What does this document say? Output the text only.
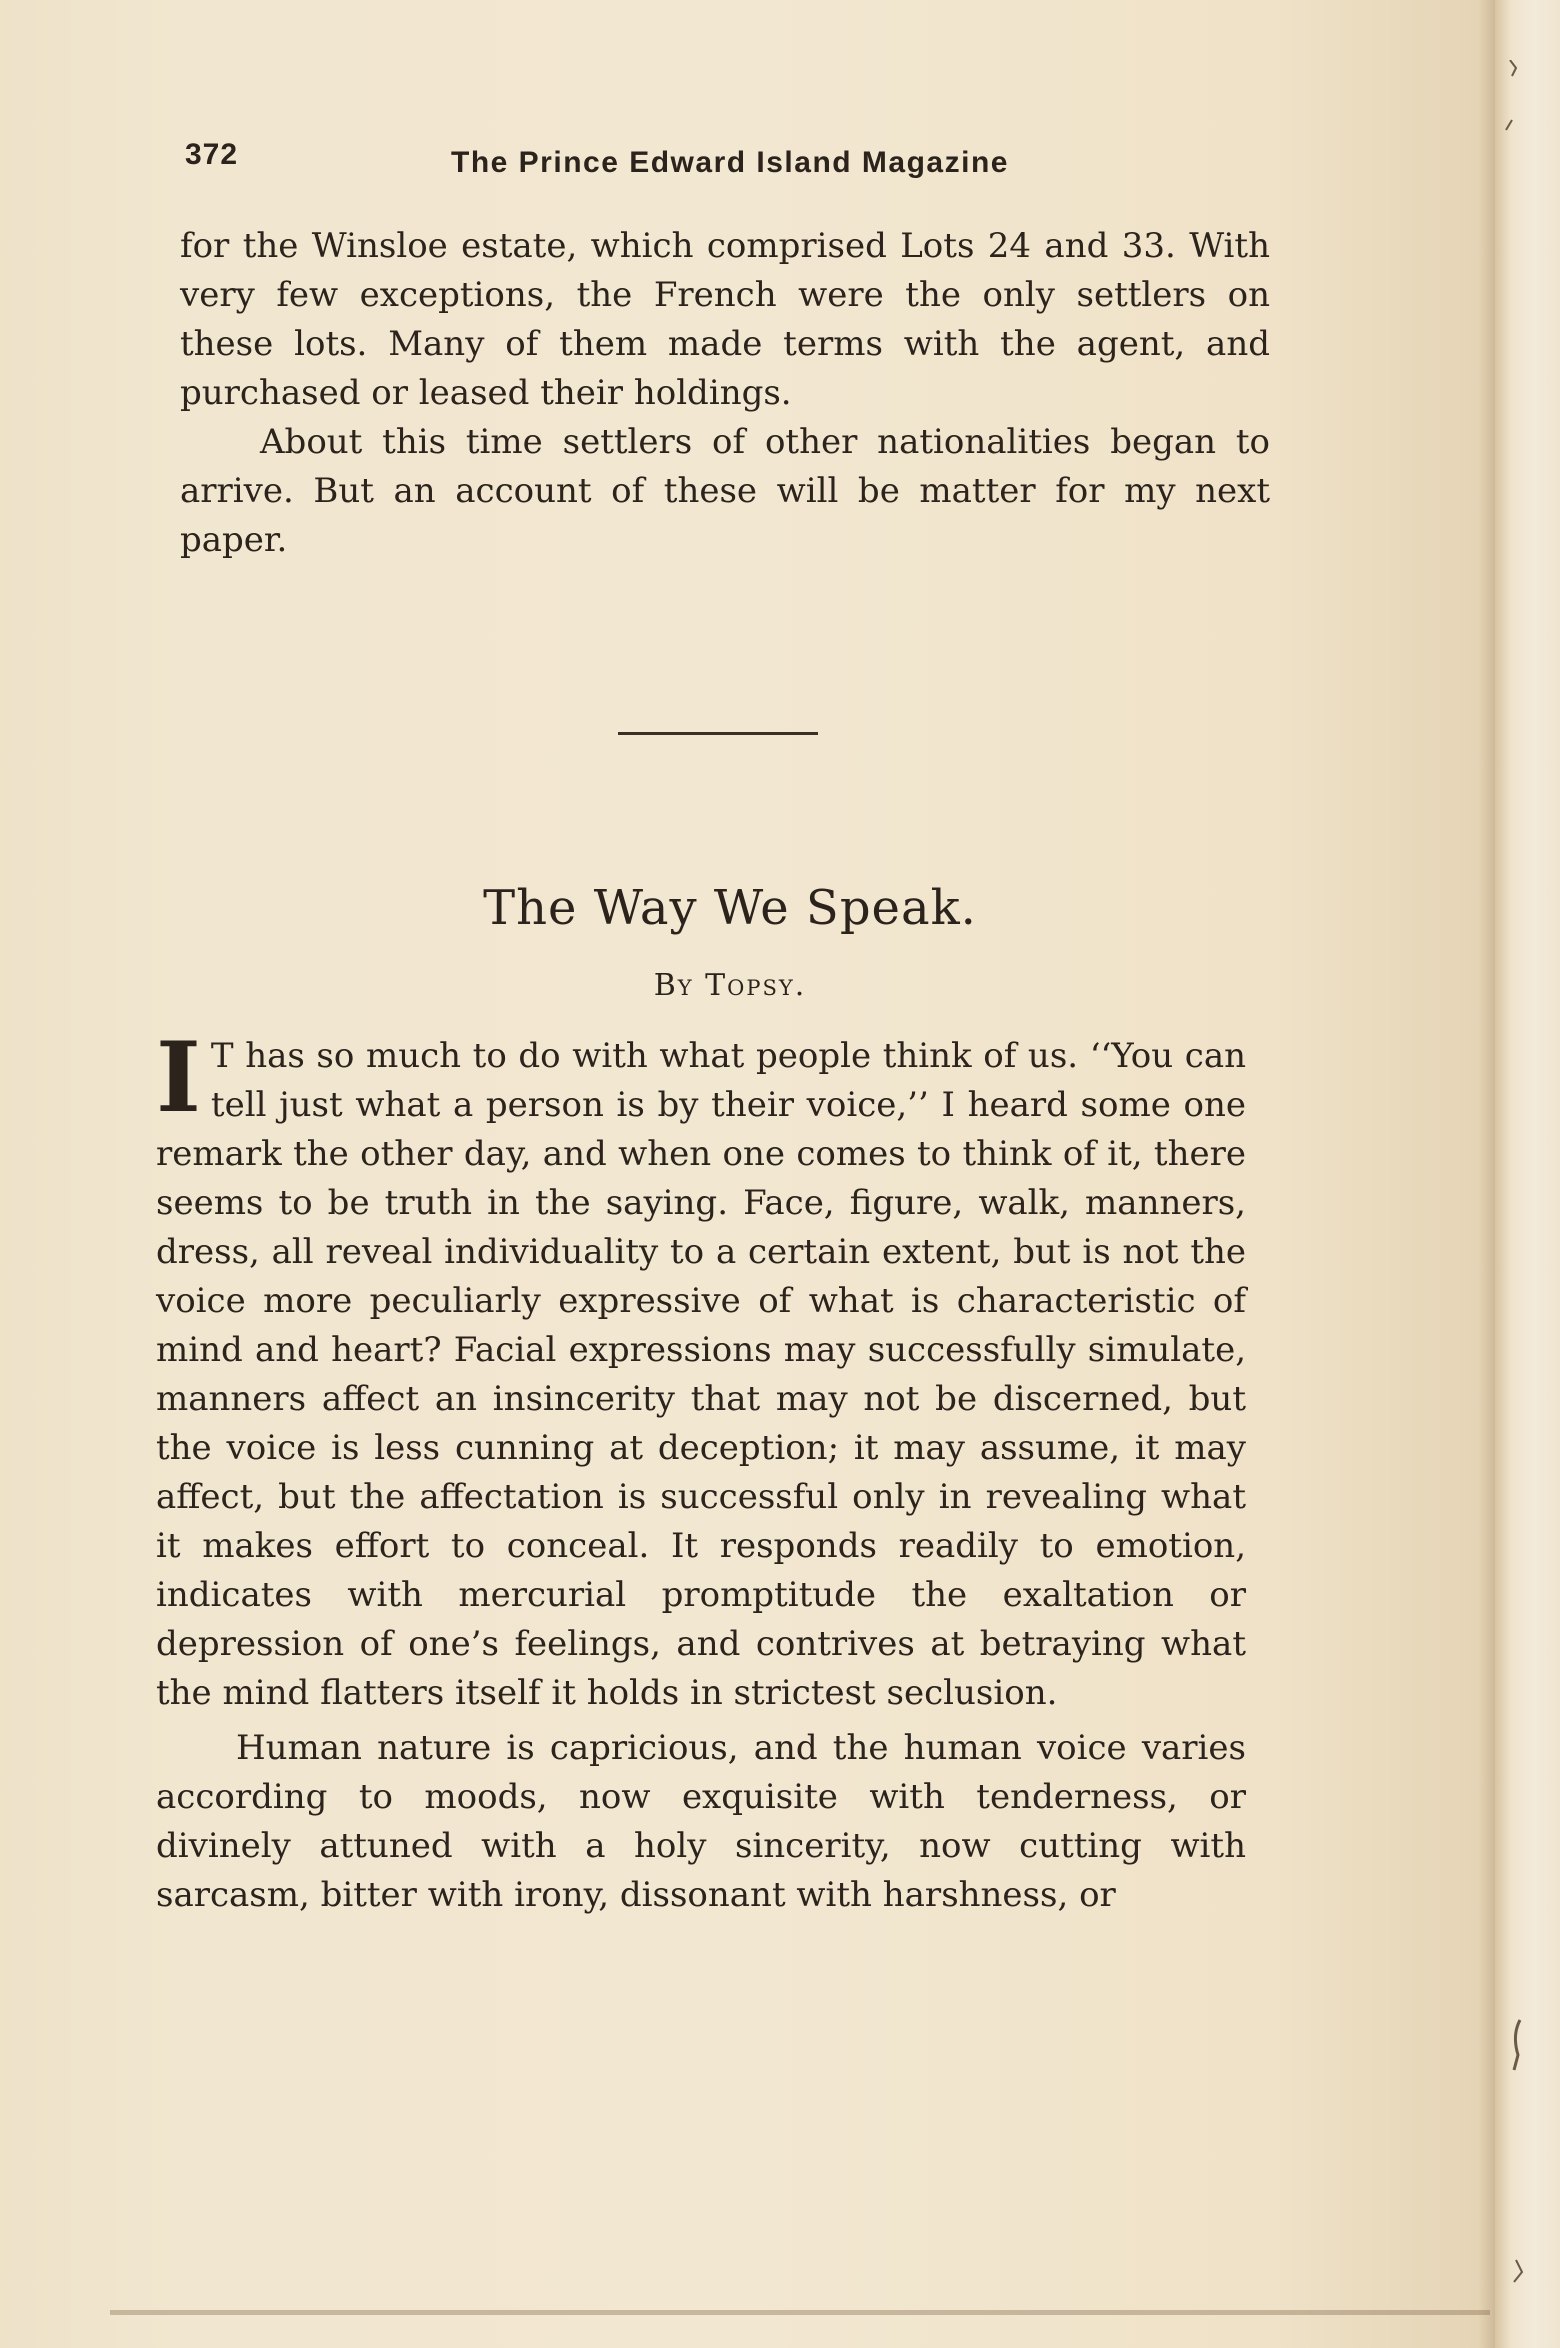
372	The Prince Edward Island Magazine

for the Winsloe estate, which comprised Lots 24 and 33. With very few exceptions, the French were the only settlers on these lots. Many of them made terms with the agent, and purchased or leased their holdings.

About this time settlers of other nationalities began to arrive. But an account of these will be matter for my next paper.

The Way We Speak.
By Topsy.

I T has so much to do with what people think of us. ‘‘You can tell just what a person is by their voice,’’ I heard some one remark the other day, and when one comes to think of it, there seems to be truth in the saying. Face, figure, walk, manners, dress, all reveal individuality to a certain extent, but is not the voice more peculiarly expressive of what is characteristic of mind and heart? Facial expressions may successfully simulate, manners affect an insincerity that may not be discerned, but the voice is less cunning at deception; it may assume, it may affect, but the affectation is successful only in revealing what it makes effort to conceal. It responds readily to emotion, indicates with mercurial promptitude the exaltation or depression of one’s feelings, and contrives at betraying what the mind flatters itself it holds in strictest seclusion.

Human nature is capricious, and the human voice varies according to moods, now exquisite with tenderness, or divinely attuned with a holy sincerity, now cutting with sarcasm, bitter with irony, dissonant with harshness, or
